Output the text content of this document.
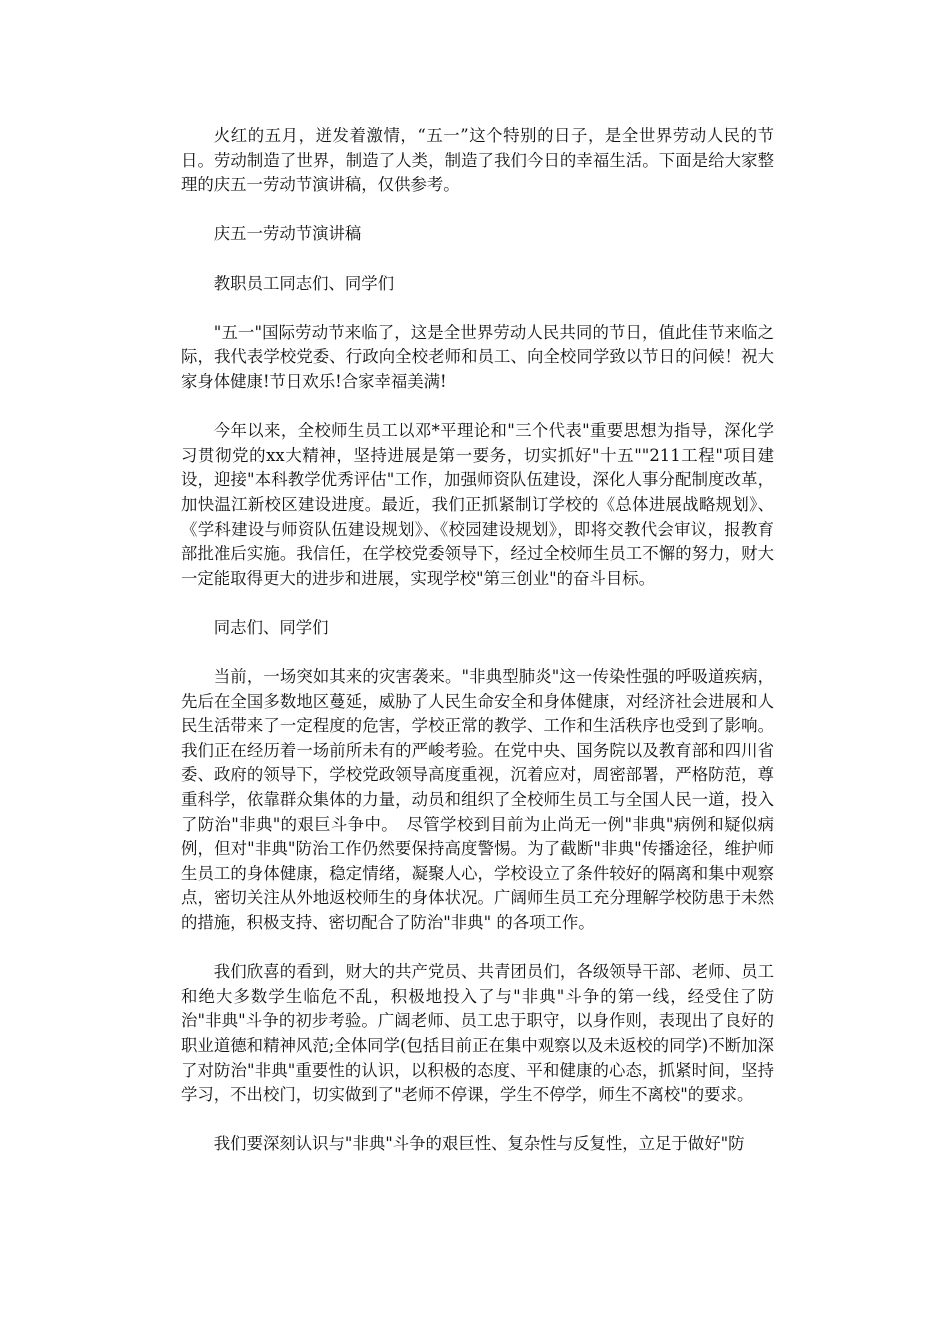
火红的五月，迸发着激情，“五一”这个特别的日子，是全世界劳动人民的节日。劳动制造了世界，制造了人类，制造了我们今日的幸福生活。下面是给大家整理的庆五一劳动节演讲稿，仅供参考。

庆五一劳动节演讲稿

教职员工同志们、同学们

"五一"国际劳动节来临了，这是全世界劳动人民共同的节日，值此佳节来临之际，我代表学校党委、行政向全校老师和员工、向全校同学致以节日的问候！祝大家身体健康!节日欢乐!合家幸福美满!

今年以来，全校师生员工以邓*平理论和"三个代表"重要思想为指导，深化学习贯彻党的xx大精神，坚持进展是第一要务，切实抓好"十五""211工程"项目建设，迎接"本科教学优秀评估"工作，加强师资队伍建设，深化人事分配制度改革，加快温江新校区建设进度。最近，我们正抓紧制订学校的《总体进展战略规划》、《学科建设与师资队伍建设规划》、《校园建设规划》，即将交教代会审议，报教育部批准后实施。我信任，在学校党委领导下，经过全校师生员工不懈的努力，财大一定能取得更大的进步和进展，实现学校"第三创业"的奋斗目标。

同志们、同学们

当前，一场突如其来的灾害袭来。"非典型肺炎"这一传染性强的呼吸道疾病，先后在全国多数地区蔓延，威胁了人民生命安全和身体健康，对经济社会进展和人民生活带来了一定程度的危害，学校正常的教学、工作和生活秩序也受到了影响。我们正在经历着一场前所未有的严峻考验。在党中央、国务院以及教育部和四川省委、政府的领导下，学校党政领导高度重视，沉着应对，周密部署，严格防范，尊重科学，依靠群众集体的力量，动员和组织了全校师生员工与全国人民一道，投入了防治"非典"的艰巨斗争中。　尽管学校到目前为止尚无一例"非典"病例和疑似病例，但对"非典"防治工作仍然要保持高度警惕。为了截断"非典"传播途径，维护师生员工的身体健康，稳定情绪，凝聚人心，学校设立了条件较好的隔离和集中观察点，密切关注从外地返校师生的身体状况。广阔师生员工充分理解学校防患于未然的措施，积极支持、密切配合了防治"非典" 的各项工作。

我们欣喜的看到，财大的共产党员、共青团员们，各级领导干部、老师、员工和绝大多数学生临危不乱，积极地投入了与"非典"斗争的第一线，经受住了防治"非典"斗争的初步考验。广阔老师、员工忠于职守，以身作则，表现出了良好的职业道德和精神风范;全体同学(包括目前正在集中观察以及未返校的同学)不断加深了对防治"非典"重要性的认识，以积极的态度、平和健康的心态，抓紧时间，坚持学习，不出校门，切实做到了"老师不停课，学生不停学，师生不离校"的要求。

我们要深刻认识与"非典"斗争的艰巨性、复杂性与反复性，立足于做好"防
